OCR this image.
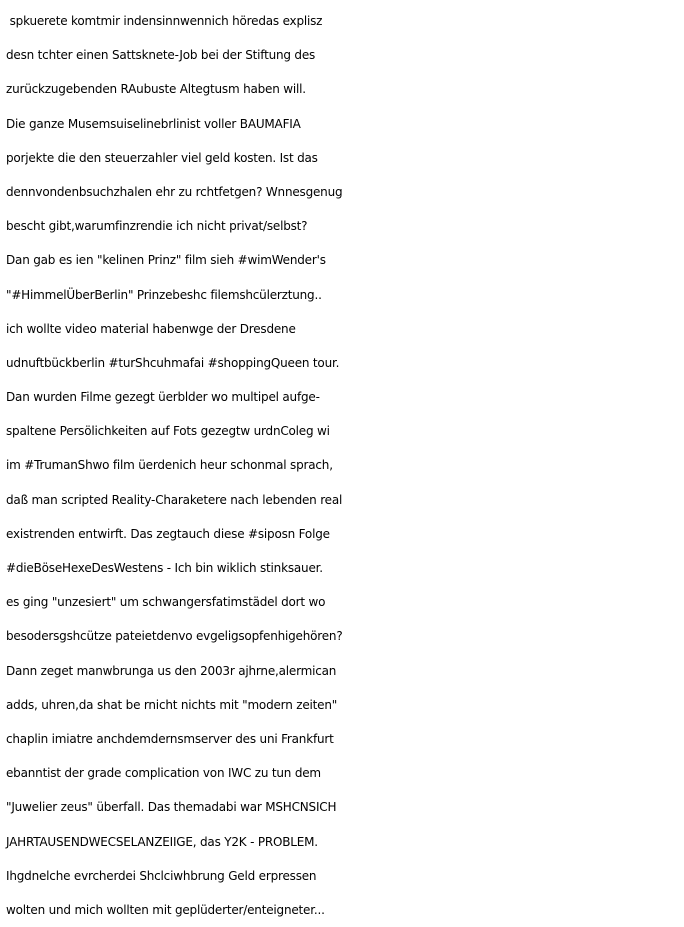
spkuerete komtmir indensinnwennich höredas explisz
desn tchter einen Sattsknete-Job bei der Stiftung des
zurückzugebenden RAubuste Altegtusm haben will.
Die ganze Musemsuiselinebrlinist voller BAUMAFIA
porjekte die den steuerzahler viel geld kosten. Ist das
dennvondenbsuchzhalen ehr zu rchtfetgen? Wnnesgenug
bescht gibt,warumfinzrendie ich nicht privat/selbst?
Dan gab es ien "kelinen Prinz" film sieh #wimWender's
"#HimmelÜberBerlin" Prinzebeshc filemshcülerztung..
ich wollte video material habenwge der Dresdene
udnuftbückberlin #turShcuhmafai #shoppingQueen tour.
Dan wurden Filme gezegt üerblder wo multipel aufge-
spaltene Persölichkeiten auf Fots gezegtw urdnColeg wi
im #TrumanShwo film üerdenich heur schonmal sprach,
daß man scripted Reality-Charaketere nach lebenden real
existrenden entwirft. Das zegtauch diese #siposn Folge
#dieBöseHexeDesWestens - Ich bin wiklich stinksauer.
es ging "unzesiert" um schwangersfatimstädel dort wo
besodersgshcütze pateietdenvo evgeligsopfenhigehören?
Dann zeget manwbrunga us den 2003r ajhrne,alermican
adds, uhren,da shat be rnicht nichts mit "modern zeiten"
chaplin imiatre anchdemdernsmserver des uni Frankfurt
ebanntist der grade complication von IWC zu tun dem
"Juwelier zeus" überfall. Das themadabi war MSHCNSICH
JAHRTAUSENDWECSELANZEIIGE, das Y2K - PROBLEM.
Ihgdnelche evrcherdei Shclciwhbrung Geld erpressen
wolten und mich wollten mit geplüderter/enteigneter...
